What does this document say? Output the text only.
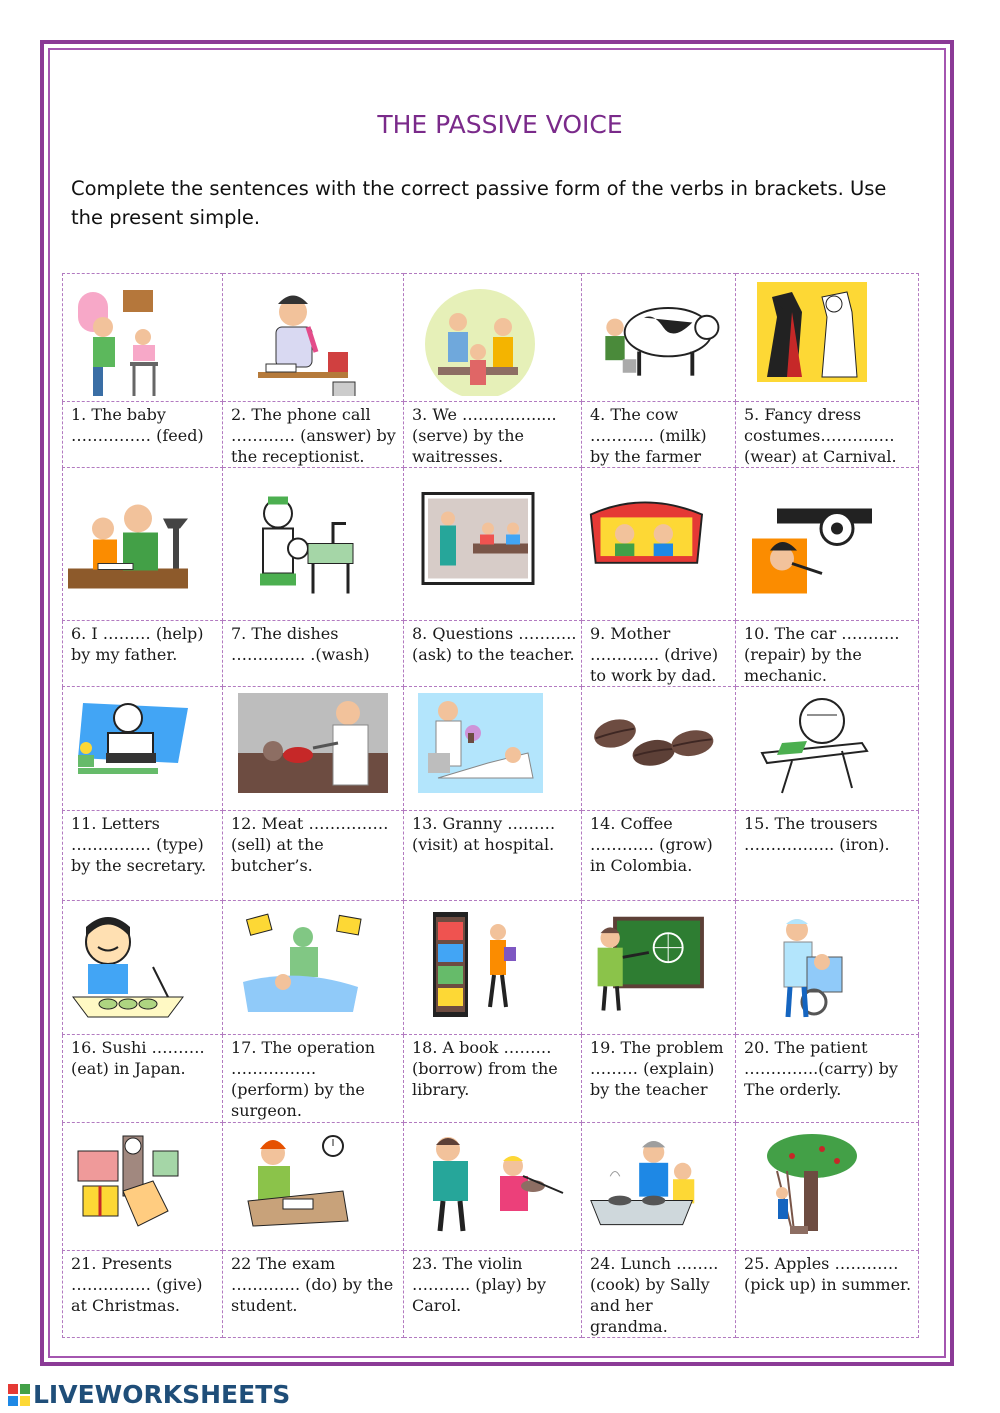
THE PASSIVE VOICE
Complete the sentences with the correct passive form of the verbs in brackets. Use the present simple.

1. The baby …………… (feed)	2. The phone call ………… (answer) by the receptionist.	3. We ……….…..... (serve) by the waitresses.	4. The cow ………… (milk) by the farmer	5. Fancy dress costumes………..… (wear) at Carnival.

6. I ……… (help) by my father.	7. The dishes ………….. .(wash)	8. Questions ……….. (ask) to the teacher.	9. Mother …………. (drive) to work by dad.	10. The car ……….. (repair) by the mechanic.

11. Letters …………… (type) by the secretary.	12. Meat …………… (sell) at the butcher’s.	13. Granny ……… (visit) at hospital.	14. Coffee ………… (grow) in Colombia.	15. The trousers …………….. (iron).

16. Sushi ………. (eat) in Japan.	17. The operation ……………. (perform) by the surgeon.	18. A book ……… (borrow) from the library.	19. The problem ……… (explain) by the teacher	20. The patient …………..(carry) by The orderly.

21. Presents …………… (give) at Christmas.	22 The exam …………. (do) by the student.	23. The violin ……….. (play) by Carol.	24. Lunch …….. (cook) by Sally and her grandma.	25. Apples ………… (pick up) in summer.
LIVEWORKSHEETS
